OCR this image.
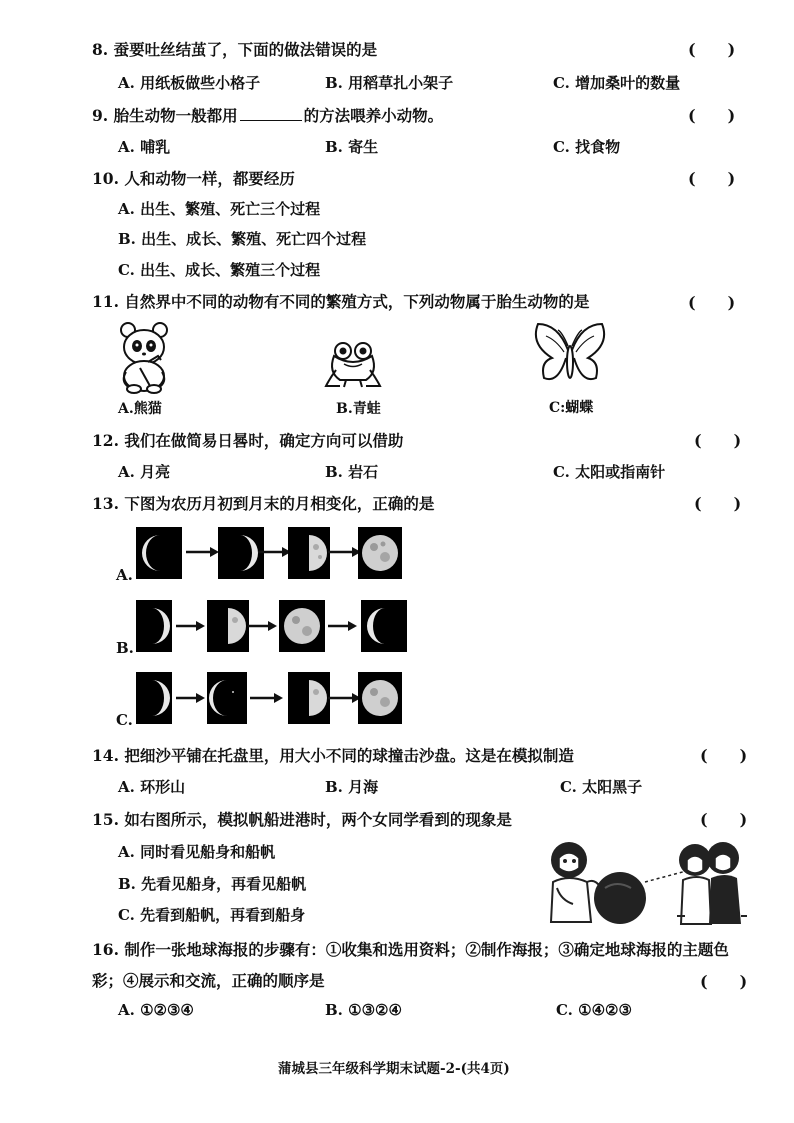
8. 蚕要吐丝结茧了，下面的做法错误的是	(　　)
A. 用纸板做些小格子	B. 用稻草扎小架子	C. 增加桑叶的数量
9. 胎生动物一般都用	的方法喂养小动物。	(　　)
A. 哺乳	B. 寄生	C. 找食物
10. 人和动物一样，都要经历	(　　)
A. 出生、繁殖、死亡三个过程
B. 出生、成长、繁殖、死亡四个过程
C. 出生、成长、繁殖三个过程
11. 自然界中不同的动物有不同的繁殖方式，下列动物属于胎生动物的是	(　　)
A.熊猫	B.青蛙	C:蝴蝶
12. 我们在做简易日晷时，确定方向可以借助	(　　)
A. 月亮	B. 岩石	C. 太阳或指南针
13. 下图为农历月初到月末的月相变化，正确的是	(　　)
A.
B.
C.
14. 把细沙平铺在托盘里，用大小不同的球撞击沙盘。这是在模拟制造	(　　)
A. 环形山	B. 月海	C. 太阳黑子
15. 如右图所示，模拟帆船进港时，两个女同学看到的现象是	(　　)
A. 同时看见船身和船帆
B. 先看见船身，再看见船帆
C. 先看到船帆，再看到船身
16. 制作一张地球海报的步骤有：①收集和选用资料；②制作海报；③确定地球海报的主题色
彩；④展示和交流，正确的顺序是	(　　)
A. ①②③④	B. ①③②④	C. ①④②③
蒲城县三年级科学期末试题-2-(共4页)
